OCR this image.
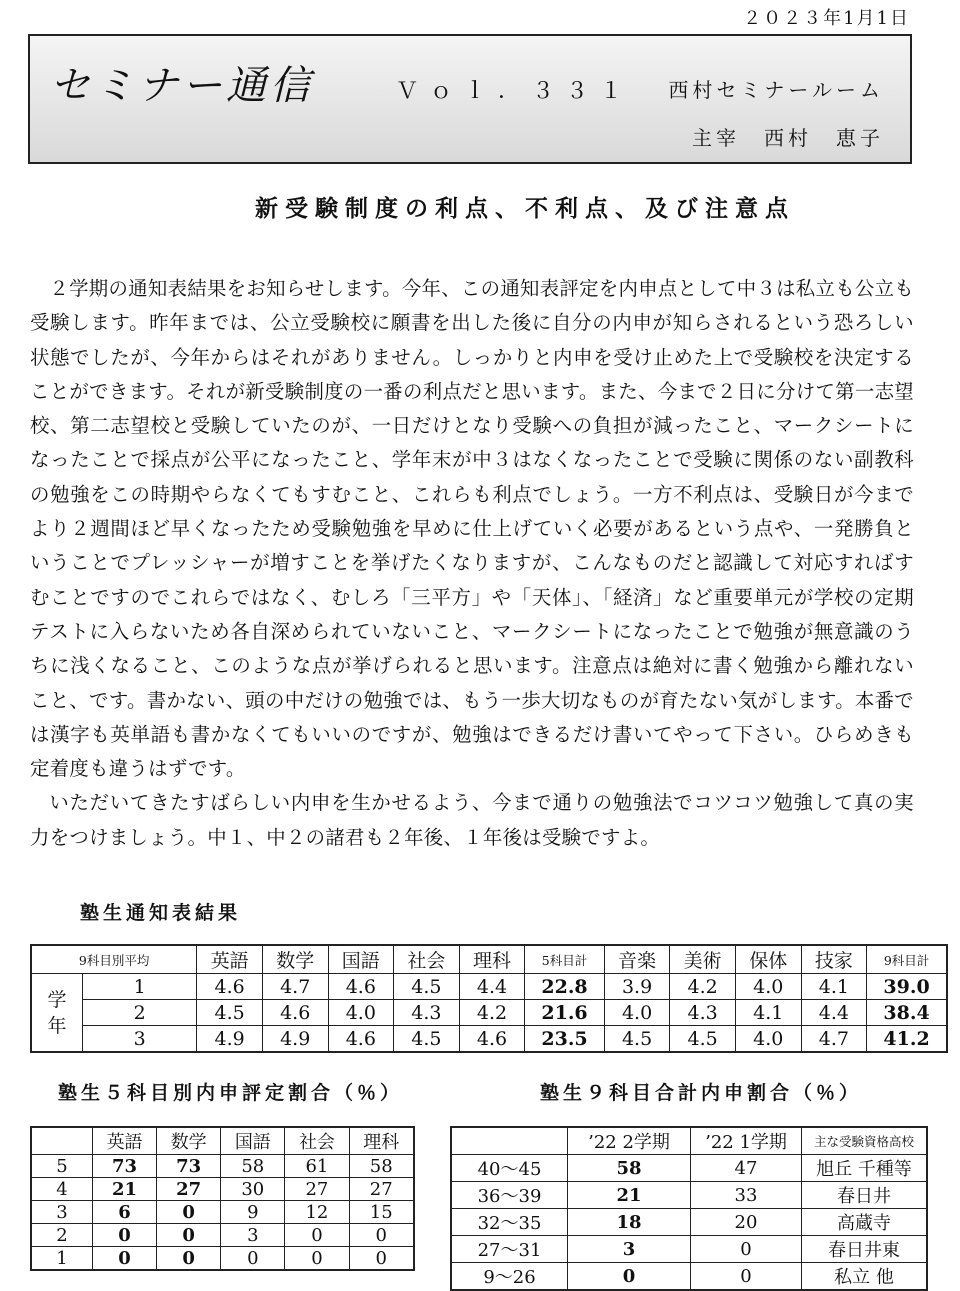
２０２３年1月1日
セミナー通信	Ｖｏｌ．３３１ 西村セミナールーム
主宰　西村　恵子
新受験制度の利点、不利点、及び注意点

２学期の通知表結果をお知らせします。今年、この通知表評定を内申点として中３は私立も公立も受験します。昨年までは、公立受験校に願書を出した後に自分の内申が知らされるという恐ろしい状態でしたが、今年からはそれがありません。しっかりと内申を受け止めた上で受験校を決定することができます。それが新受験制度の一番の利点だと思います。また、今まで２日に分けて第一志望校、第二志望校と受験していたのが、一日だけとなり受験への負担が減ったこと、マークシートになったことで採点が公平になったこと、学年末が中３はなくなったことで受験に関係のない副教科の勉強をこの時期やらなくてもすむこと、これらも利点でしょう。一方不利点は、受験日が今までより２週間ほど早くなったため受験勉強を早めに仕上げていく必要があるという点や、一発勝負ということでプレッシャーが増すことを挙げたくなりますが、こんなものだと認識して対応すればすむことですのでこれらではなく、むしろ「三平方」や「天体」、「経済」など重要単元が学校の定期テストに入らないため各自深められていないこと、マークシートになったことで勉強が無意識のうちに浅くなること、このような点が挙げられると思います。注意点は絶対に書く勉強から離れないこと、です。書かない、頭の中だけの勉強では、もう一歩大切なものが育たない気がします。本番では漢字も英単語も書かなくてもいいのですが、勉強はできるだけ書いてやって下さい。ひらめきも定着度も違うはずです。

いただいてきたすばらしい内申を生かせるよう、今まで通りの勉強法でコツコツ勉強して真の実力をつけましょう。中１、中２の諸君も２年後、１年後は受験ですよ。

塾生通知表結果
9科目別平均		英語	数学	国語	社会	理科	5科目計	音楽	美術	保体	技家	9科目計
学年	1	4.6	4.7	4.6	4.5	4.4	22.8	3.9	4.2	4.0	4.1	39.0
	2	4.5	4.6	4.0	4.3	4.2	21.6	4.0	4.3	4.1	4.4	38.4
	3	4.9	4.9	4.6	4.5	4.6	23.5	4.5	4.5	4.0	4.7	41.2
塾生５科目別内申評定割合（％）	塾生９科目合計内申割合（％）
	英語	数学	国語	社会	理科
5	73	73	58	61	58
4	21	27	30	27	27
3	6	0	9	12	15
2	0	0	3	0	0
1	0	0	0	0	0
	’22 2学期	’22 1学期	主な受験資格高校
40～45	58	47	旭丘 千種等
36～39	21	33	春日井
32～35	18	20	高蔵寺
27～31	3	0	春日井東
9～26	0	0	私立 他
